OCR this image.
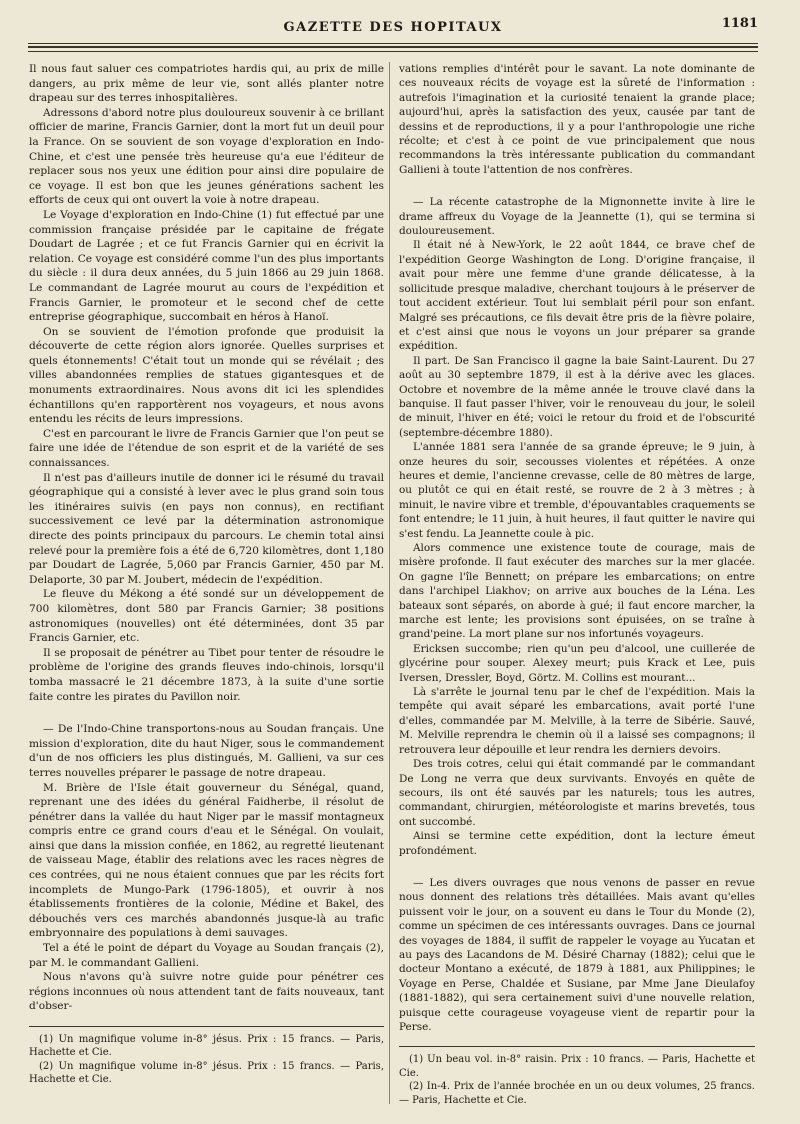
GAZETTE DES HOPITAUX	1181

Il nous faut saluer ces compatriotes hardis qui, au prix de mille dangers, au prix même de leur vie, sont allés planter notre drapeau sur des terres inhospitalières.

Adressons d'abord notre plus douloureux souvenir à ce brillant officier de marine, Francis Garnier, dont la mort fut un deuil pour la France. On se souvient de son voyage d'exploration en Indo-Chine, et c'est une pensée très heureuse qu'a eue l'éditeur de replacer sous nos yeux une édition pour ainsi dire populaire de ce voyage. Il est bon que les jeunes générations sachent les efforts de ceux qui ont ouvert la voie à notre drapeau.

Le Voyage d'exploration en Indo-Chine (1) fut effectué par une commission française présidée par le capitaine de frégate Doudart de Lagrée ; et ce fut Francis Garnier qui en écrivit la relation. Ce voyage est considéré comme l'un des plus importants du siècle : il dura deux années, du 5 juin 1866 au 29 juin 1868. Le commandant de Lagrée mourut au cours de l'expédition et Francis Garnier, le promoteur et le second chef de cette entreprise géographique, succombait en héros à Hanoï.

On se souvient de l'émotion profonde que produisit la découverte de cette région alors ignorée. Quelles surprises et quels étonnements! C'était tout un monde qui se révélait ; des villes abandonnées remplies de statues gigantesques et de monuments extraordinaires. Nous avons dit ici les splendides échantillons qu'en rapportèrent nos voyageurs, et nous avons entendu les récits de leurs impressions.

C'est en parcourant le livre de Francis Garnier que l'on peut se faire une idée de l'étendue de son esprit et de la variété de ses connaissances.

Il n'est pas d'ailleurs inutile de donner ici le résumé du travail géographique qui a consisté à lever avec le plus grand soin tous les itinéraires suivis (en pays non connus), en rectifiant successivement ce levé par la détermination astronomique directe des points principaux du parcours. Le chemin total ainsi relevé pour la première fois a été de 6,720 kilomètres, dont 1,180 par Doudart de Lagrée, 5,060 par Francis Garnier, 450 par M. Delaporte, 30 par M. Joubert, médecin de l'expédition.

Le fleuve du Mékong a été sondé sur un développement de 700 kilomètres, dont 580 par Francis Garnier; 38 positions astronomiques (nouvelles) ont été déterminées, dont 35 par Francis Garnier, etc.

Il se proposait de pénétrer au Tibet pour tenter de résoudre le problème de l'origine des grands fleuves indo-chinois, lorsqu'il tomba massacré le 21 décembre 1873, à la suite d'une sortie faite contre les pirates du Pavillon noir.

— De l'Indo-Chine transportons-nous au Soudan français. Une mission d'exploration, dite du haut Niger, sous le commandement d'un de nos officiers les plus distingués, M. Gallieni, va sur ces terres nouvelles préparer le passage de notre drapeau.

M. Brière de l'Isle était gouverneur du Sénégal, quand, reprenant une des idées du général Faidherbe, il résolut de pénétrer dans la vallée du haut Niger par le massif montagneux compris entre ce grand cours d'eau et le Sénégal. On voulait, ainsi que dans la mission confiée, en 1862, au regretté lieutenant de vaisseau Mage, établir des relations avec les races nègres de ces contrées, qui ne nous étaient connues que par les récits fort incomplets de Mungo-Park (1796-1805), et ouvrir à nos établissements frontières de la colonie, Médine et Bakel, des débouchés vers ces marchés abandonnés jusque-là au trafic embryonnaire des populations à demi sauvages.

Tel a été le point de départ du Voyage au Soudan français (2), par M. le commandant Gallieni.

Nous n'avons qu'à suivre notre guide pour pénétrer ces régions inconnues où nous attendent tant de faits nouveaux, tant d'obser-

(1) Un magnifique volume in-8° jésus. Prix : 15 francs. — Paris, Hachette et Cie.

(2) Un magnifique volume in-8° jésus. Prix : 15 francs. — Paris, Hachette et Cie.

vations remplies d'intérêt pour le savant. La note dominante de ces nouveaux récits de voyage est la sûreté de l'information : autrefois l'imagination et la curiosité tenaient la grande place; aujourd'hui, après la satisfaction des yeux, causée par tant de dessins et de reproductions, il y a pour l'anthropologie une riche récolte; et c'est à ce point de vue principalement que nous recommandons la très intéressante publication du commandant Gallieni à toute l'attention de nos confrères.

— La récente catastrophe de la Mignonnette invite à lire le drame affreux du Voyage de la Jeannette (1), qui se termina si douloureusement.

Il était né à New-York, le 22 août 1844, ce brave chef de l'expédition George Washington de Long. D'origine française, il avait pour mère une femme d'une grande délicatesse, à la sollicitude presque maladive, cherchant toujours à le préserver de tout accident extérieur. Tout lui semblait péril pour son enfant. Malgré ses précautions, ce fils devait être pris de la fièvre polaire, et c'est ainsi que nous le voyons un jour préparer sa grande expédition.

Il part. De San Francisco il gagne la baie Saint-Laurent. Du 27 août au 30 septembre 1879, il est à la dérive avec les glaces. Octobre et novembre de la même année le trouve clavé dans la banquise. Il faut passer l'hiver, voir le renouveau du jour, le soleil de minuit, l'hiver en été; voici le retour du froid et de l'obscurité (septembre-décembre 1880).

L'année 1881 sera l'année de sa grande épreuve; le 9 juin, à onze heures du soir, secousses violentes et répétées. A onze heures et demie, l'ancienne crevasse, celle de 80 mètres de large, ou plutôt ce qui en était resté, se rouvre de 2 à 3 mètres ; à minuit, le navire vibre et tremble, d'épouvantables craquements se font entendre; le 11 juin, à huit heures, il faut quitter le navire qui s'est fendu. La Jeannette coule à pic.

Alors commence une existence toute de courage, mais de misère profonde. Il faut exécuter des marches sur la mer glacée. On gagne l'île Bennett; on prépare les embarcations; on entre dans l'archipel Liakhov; on arrive aux bouches de la Léna. Les bateaux sont séparés, on aborde à gué; il faut encore marcher, la marche est lente; les provisions sont épuisées, on se traîne à grand'peine. La mort plane sur nos infortunés voyageurs.

Ericksen succombe; rien qu'un peu d'alcool, une cuillerée de glycérine pour souper. Alexey meurt; puis Krack et Lee, puis Iversen, Dressler, Boyd, Görtz. M. Collins est mourant...

Là s'arrête le journal tenu par le chef de l'expédition. Mais la tempête qui avait séparé les embarcations, avait porté l'une d'elles, commandée par M. Melville, à la terre de Sibérie. Sauvé, M. Melville reprendra le chemin où il a laissé ses compagnons; il retrouvera leur dépouille et leur rendra les derniers devoirs.

Des trois cotres, celui qui était commandé par le commandant De Long ne verra que deux survivants. Envoyés en quête de secours, ils ont été sauvés par les naturels; tous les autres, commandant, chirurgien, météorologiste et marins brevetés, tous ont succombé.

Ainsi se termine cette expédition, dont la lecture émeut profondément.

— Les divers ouvrages que nous venons de passer en revue nous donnent des relations très détaillées. Mais avant qu'elles puissent voir le jour, on a souvent eu dans le Tour du Monde (2), comme un spécimen de ces intéressants ouvrages. Dans ce journal des voyages de 1884, il suffit de rappeler le voyage au Yucatan et au pays des Lacandons de M. Désiré Charnay (1882); celui que le docteur Montano a exécuté, de 1879 à 1881, aux Philippines; le Voyage en Perse, Chaldée et Susiane, par Mme Jane Dieulafoy (1881-1882), qui sera certainement suivi d'une nouvelle relation, puisque cette courageuse voyageuse vient de repartir pour la Perse.

(1) Un beau vol. in-8° raisin. Prix : 10 francs. — Paris, Hachette et Cie.

(2) In-4. Prix de l'année brochée en un ou deux volumes, 25 francs. — Paris, Hachette et Cie.
